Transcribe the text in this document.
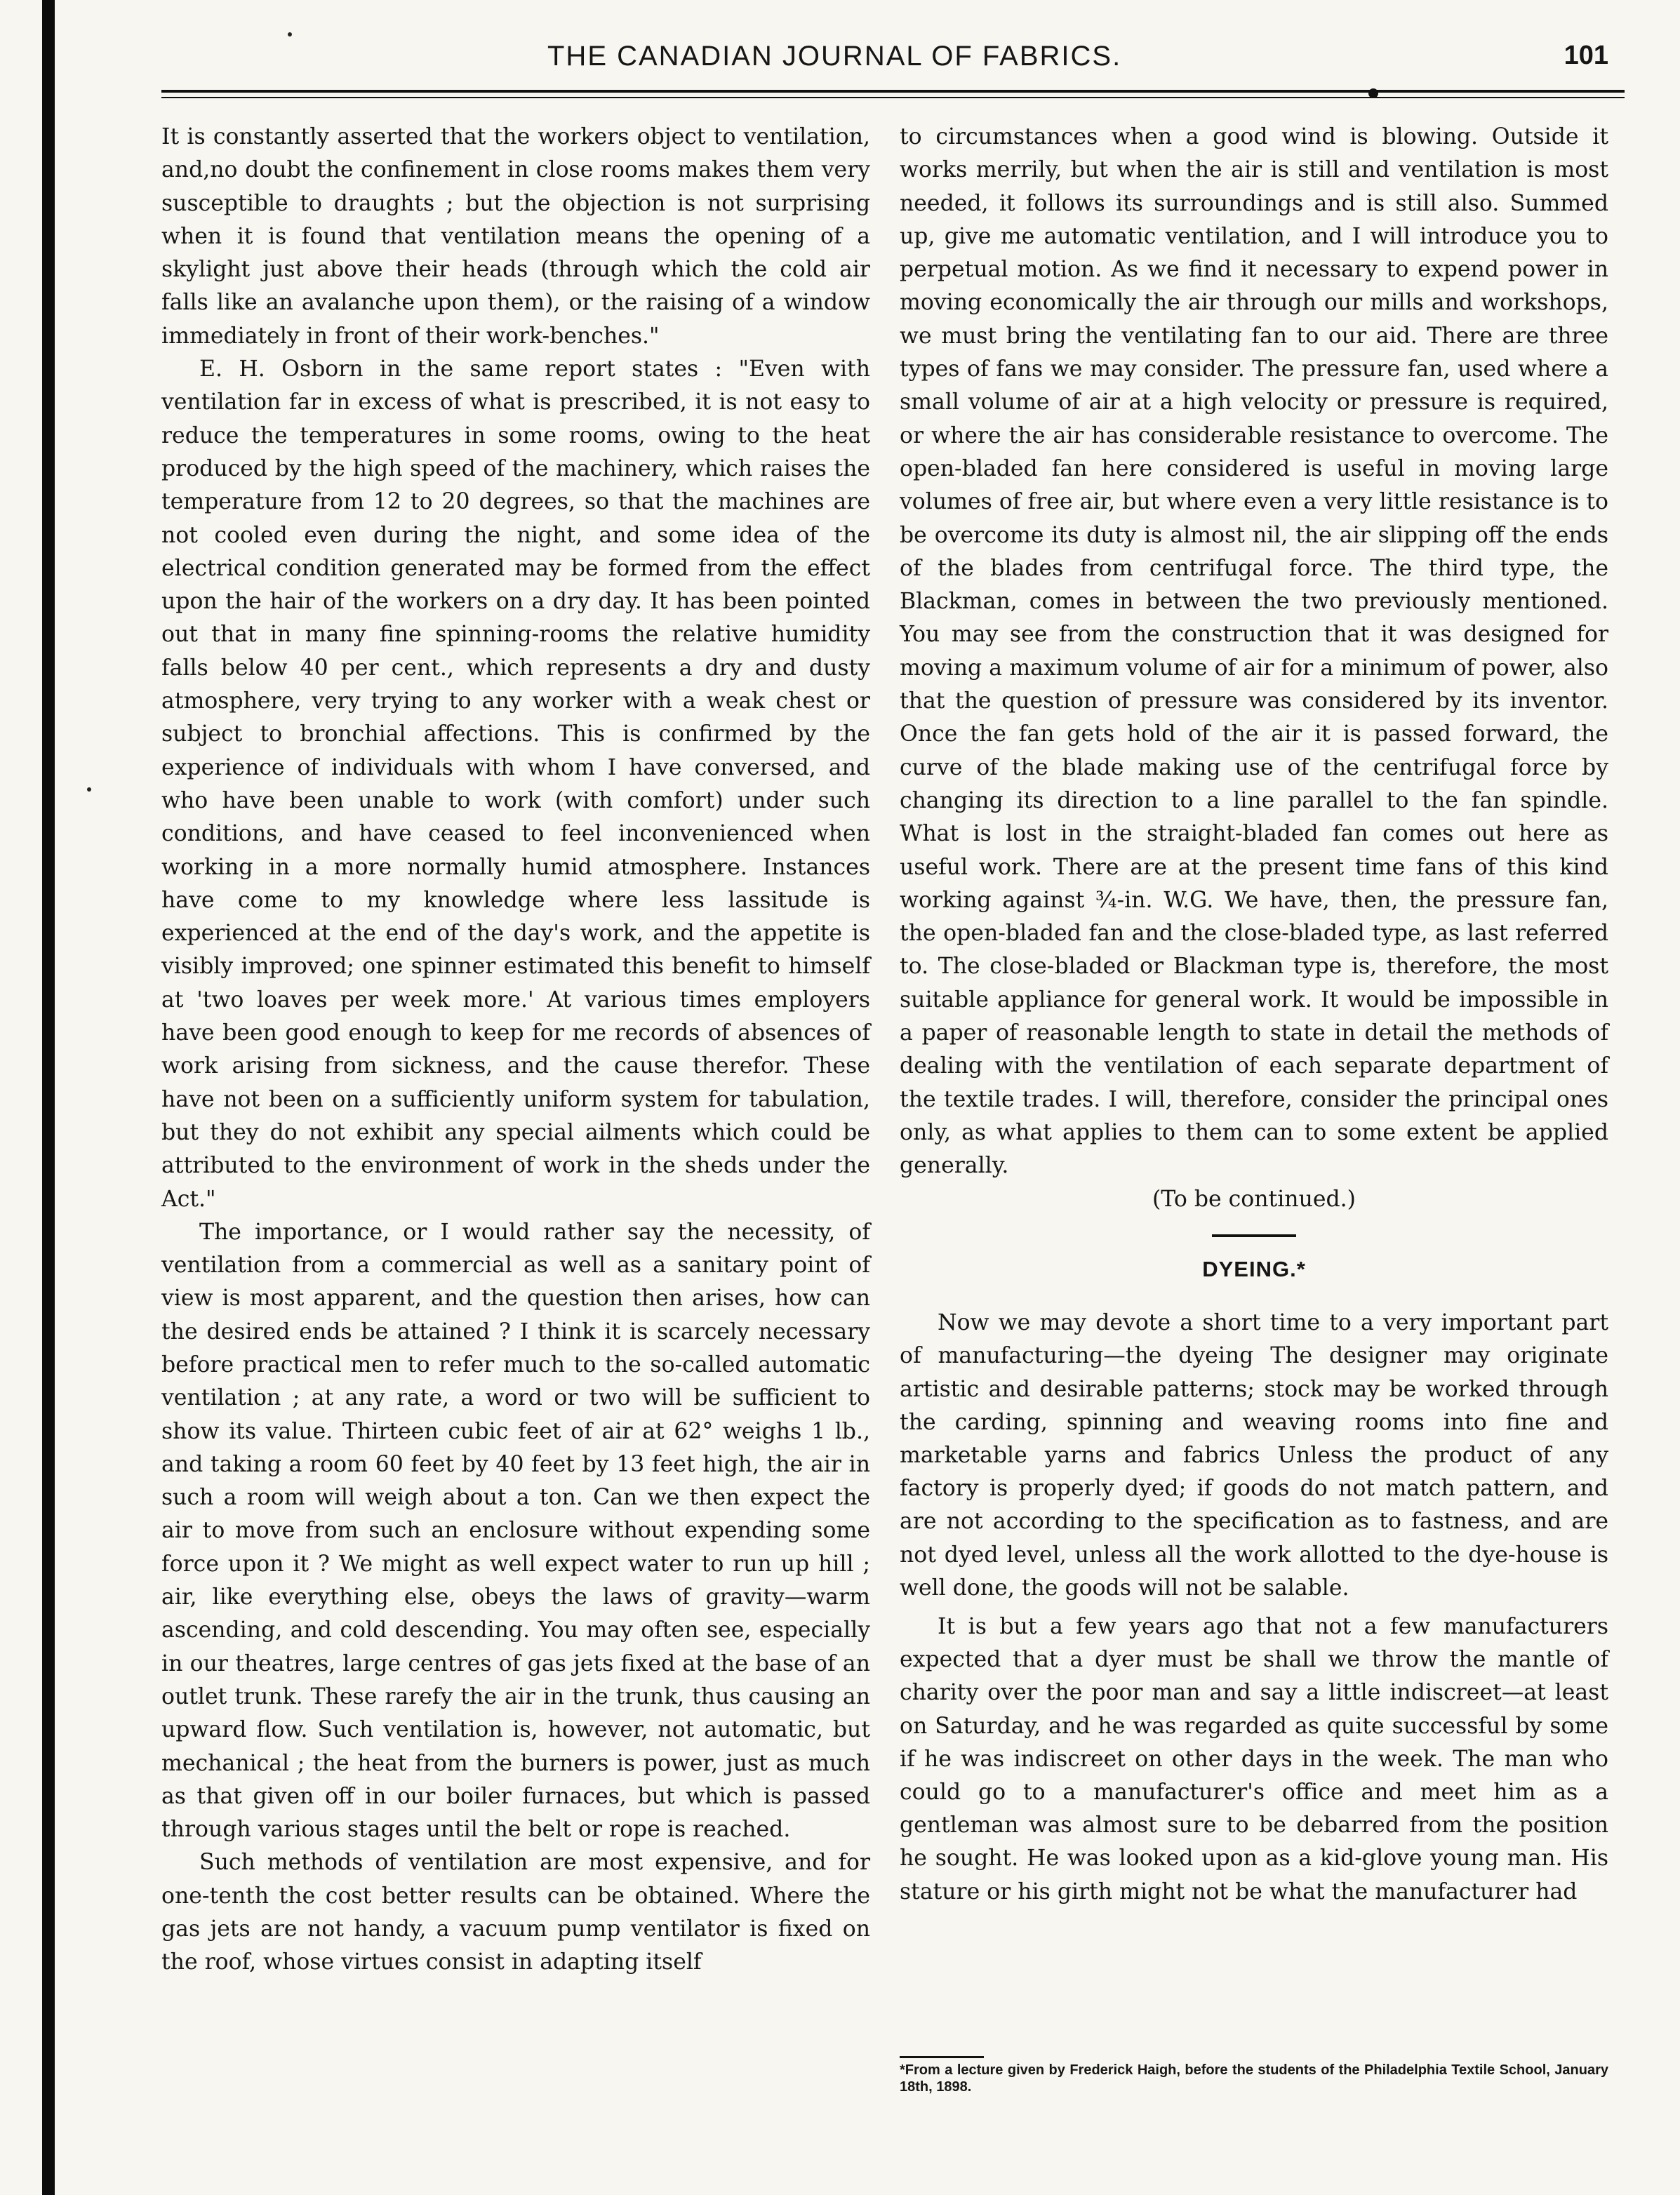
THE CANADIAN JOURNAL OF FABRICS.	101

It is constantly asserted that the workers object to ventilation, and,no doubt the confinement in close rooms makes them very susceptible to draughts ; but the objection is not surprising when it is found that ventilation means the opening of a skylight just above their heads (through which the cold air falls like an avalanche upon them), or the raising of a window immediately in front of their work-benches."

E. H. Osborn in the same report states : "Even with ventilation far in excess of what is prescribed, it is not easy to reduce the temperatures in some rooms, owing to the heat produced by the high speed of the machinery, which raises the temperature from 12 to 20 degrees, so that the machines are not cooled even during the night, and some idea of the electrical condition generated may be formed from the effect upon the hair of the workers on a dry day. It has been pointed out that in many fine spinning-rooms the relative humidity falls below 40 per cent., which represents a dry and dusty atmosphere, very trying to any worker with a weak chest or subject to bronchial affections. This is confirmed by the experience of individuals with whom I have conversed, and who have been unable to work (with comfort) under such conditions, and have ceased to feel inconvenienced when working in a more normally humid atmosphere. Instances have come to my knowledge where less lassitude is experienced at the end of the day's work, and the appetite is visibly improved; one spinner estimated this benefit to himself at 'two loaves per week more.' At various times employers have been good enough to keep for me records of absences of work arising from sickness, and the cause therefor. These have not been on a sufficiently uniform system for tabulation, but they do not exhibit any special ailments which could be attributed to the environment of work in the sheds under the Act."

The importance, or I would rather say the necessity, of ventilation from a commercial as well as a sanitary point of view is most apparent, and the question then arises, how can the desired ends be attained ? I think it is scarcely necessary before practical men to refer much to the so-called automatic ventilation ; at any rate, a word or two will be sufficient to show its value. Thirteen cubic feet of air at 62° weighs 1 lb., and taking a room 60 feet by 40 feet by 13 feet high, the air in such a room will weigh about a ton. Can we then expect the air to move from such an enclosure without expending some force upon it ? We might as well expect water to run up hill ; air, like everything else, obeys the laws of gravity—warm ascending, and cold descending. You may often see, especially in our theatres, large centres of gas jets fixed at the base of an outlet trunk. These rarefy the air in the trunk, thus causing an upward flow. Such ventilation is, however, not automatic, but mechanical ; the heat from the burners is power, just as much as that given off in our boiler furnaces, but which is passed through various stages until the belt or rope is reached.

Such methods of ventilation are most expensive, and for one-tenth the cost better results can be obtained. Where the gas jets are not handy, a vacuum pump ventilator is fixed on the roof, whose virtues consist in adapting itself

to circumstances when a good wind is blowing. Outside it works merrily, but when the air is still and ventilation is most needed, it follows its surroundings and is still also. Summed up, give me automatic ventilation, and I will introduce you to perpetual motion. As we find it necessary to expend power in moving economically the air through our mills and workshops, we must bring the ventilating fan to our aid. There are three types of fans we may consider. The pressure fan, used where a small volume of air at a high velocity or pressure is required, or where the air has considerable resistance to overcome. The open-bladed fan here considered is useful in moving large volumes of free air, but where even a very little resistance is to be overcome its duty is almost nil, the air slipping off the ends of the blades from centrifugal force. The third type, the Blackman, comes in between the two previously mentioned. You may see from the construction that it was designed for moving a maximum volume of air for a minimum of power, also that the question of pressure was considered by its inventor. Once the fan gets hold of the air it is passed forward, the curve of the blade making use of the centrifugal force by changing its direction to a line parallel to the fan spindle. What is lost in the straight-bladed fan comes out here as useful work. There are at the present time fans of this kind working against ¾-in. W.G. We have, then, the pressure fan, the open-bladed fan and the close-bladed type, as last referred to. The close-bladed or Blackman type is, therefore, the most suitable appliance for general work. It would be impossible in a paper of reasonable length to state in detail the methods of dealing with the ventilation of each separate department of the textile trades. I will, therefore, consider the principal ones only, as what applies to them can to some extent be applied generally.

(To be continued.)

DYEING.*

Now we may devote a short time to a very important part of manufacturing—the dyeing The designer may originate artistic and desirable patterns; stock may be worked through the carding, spinning and weaving rooms into fine and marketable yarns and fabrics Unless the product of any factory is properly dyed; if goods do not match pattern, and are not according to the specification as to fastness, and are not dyed level, unless all the work allotted to the dye-house is well done, the goods will not be salable.

It is but a few years ago that not a few manufacturers expected that a dyer must be shall we throw the mantle of charity over the poor man and say a little indiscreet—at least on Saturday, and he was regarded as quite successful by some if he was indiscreet on other days in the week. The man who could go to a manufacturer's office and meet him as a gentleman was almost sure to be debarred from the position he sought. He was looked upon as a kid-glove young man. His stature or his girth might not be what the manufacturer had

*From a lecture given by Frederick Haigh, before the students of the Philadelphia Textile School, January 18th, 1898.
